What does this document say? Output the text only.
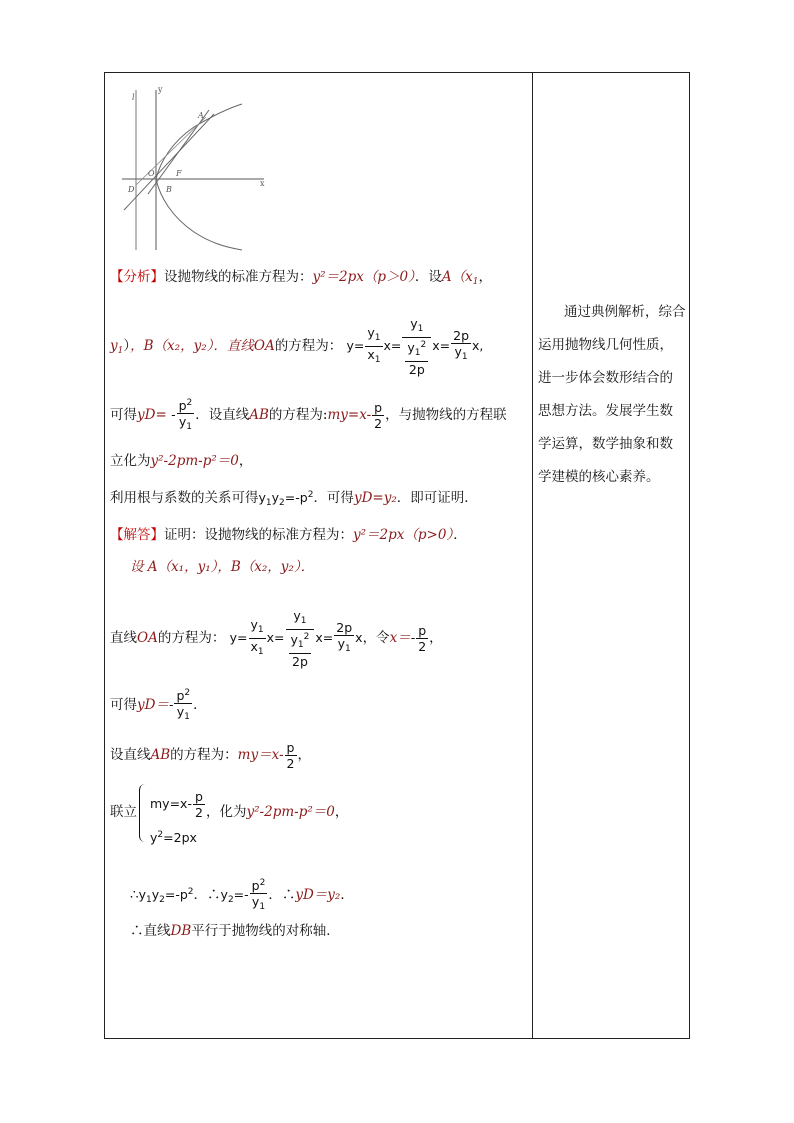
y
x
O	F
A
B
D
l
【分析】设抛物线的标准方程为：y²＝2px（p＞0）．设$A(x_1$，
$y_1$），B（x₂，y₂）．直线OA的方程为： $y= \frac{y_1}{x_1} x= \frac{y_1}{\frac{y_1^2}{2p}} x= \frac{2p}{y_1} x$,
可得$yD= - \frac{p^2}{y_1}$ ．设直线AB的方程为:my=x- $\frac{p}{2}$ ，与抛物线的方程联
立化为y²-2pm-p²＝0，
利用根与系数的关系可得$y_1y_2=-p^2$．可得yD=y₂．即可证明．
【解答】证明：设抛物线的标准方程为：y²＝2px（p>0）．
设 A（x₁，y₁），B（x₂，y₂）．
直线OA的方程为： $y= \frac{y_1}{x_1} x= \frac{y_1}{\frac{y_1^2}{2p}} x= \frac{2p}{y_1}$ x，令$x=- \frac{p}{2}$ ，
可得$yD=- \frac{p^2}{y_1}$ ．
设直线AB的方程为：$my=x- \frac{p}{2}$ ，
联立
$my=x- \frac{p}{2}$
$y^2=2px$
，化为y²-2pm-p²＝0，
$\therefore y_1y_2=-p^2$．$\therefore y_2=- \frac{p^2}{y_1}$ ．∴yD＝y₂．
∴直线DB平行于抛物线的对称轴．
通过典例解析，综合
运用抛物线几何性质，
进一步体会数形结合的
思想方法。发展学生数
学运算，数学抽象和数
学建模的核心素养。
